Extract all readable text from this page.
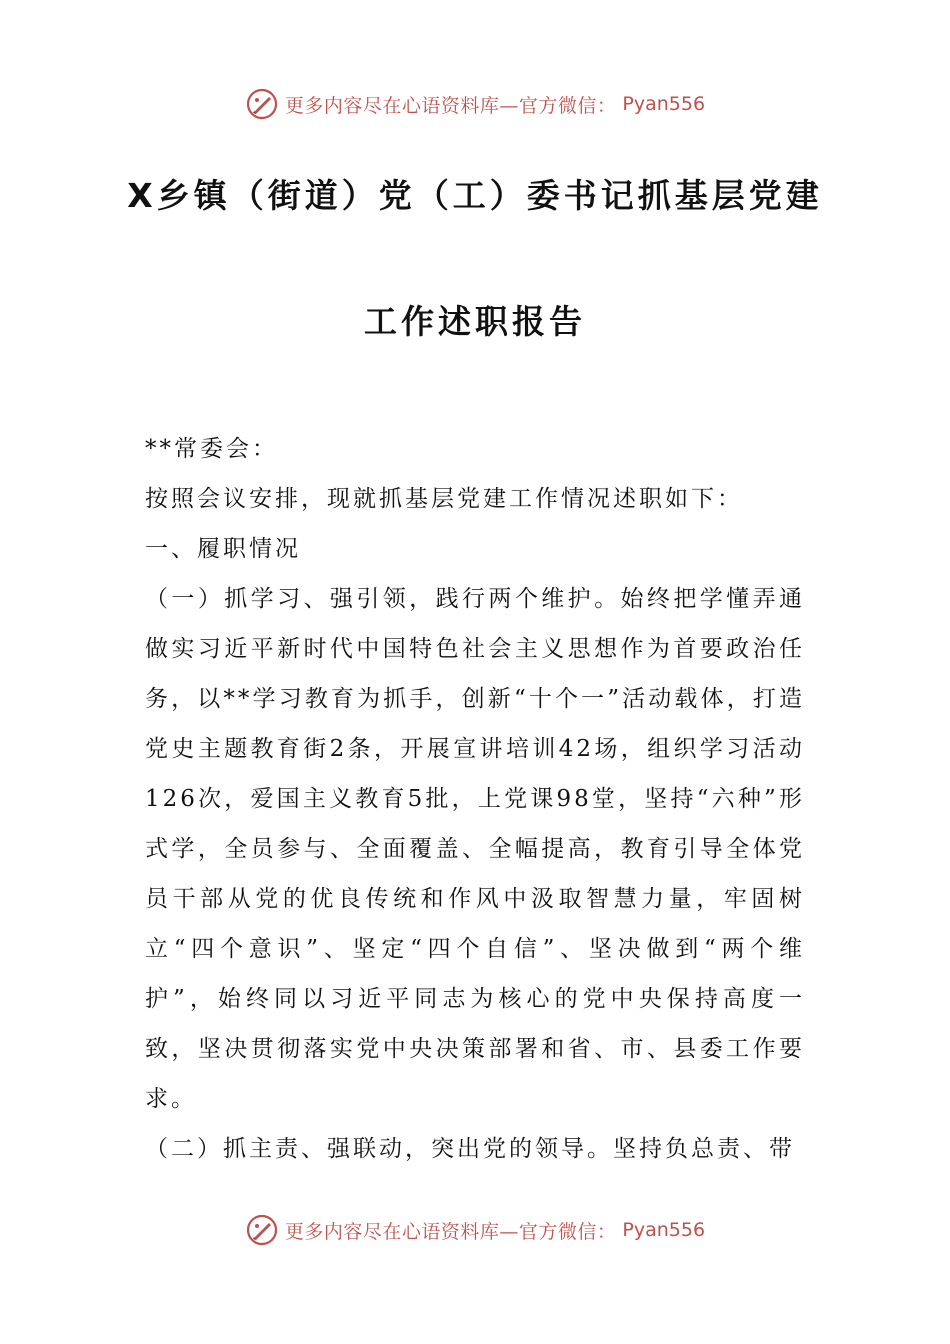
更多内容尽在心语资料库—官方微信： Pyan556
X乡镇（街道）党（工）委书记抓基层党建
工作述职报告

**常委会：

按照会议安排，现就抓基层党建工作情况述职如下：

一、履职情况

（一）抓学习、强引领，践行两个维护。始终把学懂弄通做实习近平新时代中国特色社会主义思想作为首要政治任务，以**学习教育为抓手，创新“十个一”活动载体，打造党史主题教育街2条，开展宣讲培训42场，组织学习活动126次，爱国主义教育5批，上党课98堂，坚持“六种”形式学，全员参与、全面覆盖、全幅提高，教育引导全体党员干部从党的优良传统和作风中汲取智慧力量，牢固树立“四个意识”、坚定“四个自信”、坚决做到“两个维护”，始终同以习近平同志为核心的党中央保持高度一致，坚决贯彻落实党中央决策部署和省、市、县委工作要求。

（二）抓主责、强联动，突出党的领导。坚持负总责、带

更多内容尽在心语资料库—官方微信： Pyan556
